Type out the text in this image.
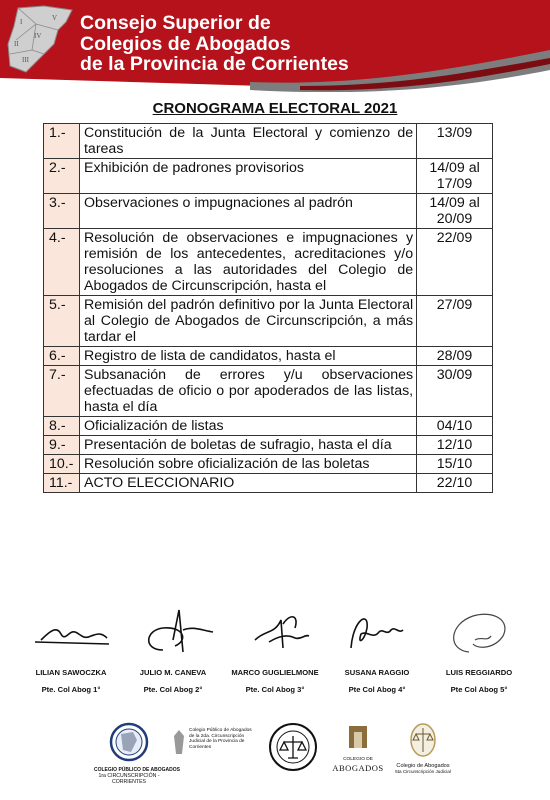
I	V
II
IV
III
Consejo Superior de
Colegios de Abogados
de la Provincia de Corrientes
CRONOGRAMA ELECTORAL 2021
1.-	Constitución de la Junta Electoral y comienzo de tareas	13/09
2.-	Exhibición de padrones provisorios	14/09 al 17/09
3.-	Observaciones o impugnaciones al padrón	14/09 al 20/09
4.-	Resolución de observaciones e impugnaciones y remisión de los antecedentes, acreditaciones y/o resoluciones a las autoridades del Colegio de Abogados de Circunscripción, hasta el	22/09
5.-	Remisión del padrón definitivo por la Junta Electoral al Colegio de Abogados de Circunscripción, a más tardar el	27/09
6.-	Registro de lista de candidatos, hasta el	28/09
7.-	Subsanación de errores y/u observaciones efectuadas de oficio o por apoderados de las listas, hasta el día	30/09
8.-	Oficialización de listas	04/10
9.-	Presentación de boletas de sufragio, hasta el día	12/10
10.-	Resolución sobre oficialización de las boletas	15/10
11.-	ACTO ELECCIONARIO	22/10
LILIAN SAWOCZKA
Pte. Col Abog 1°
JULIO M. CANEVA
Pte. Col Abog 2°
MARCO GUGLIELMONE
Pte. Col Abog 3°
SUSANA RAGGIO
Pte Col Abog 4°
LUIS REGGIARDO
Pte Col Abog 5°
COLEGIO PÚBLICO DE ABOGADOS
1ra CIRCUNSCRIPCIÓN - CORRIENTES
Colegio Público de Abogados de la 2da. Circunscripción Judicial de la Provincia de Corrientes
COLEGIO DE
ABOGADOS	Colegio de Abogados
5ta Circunscripción Judicial
